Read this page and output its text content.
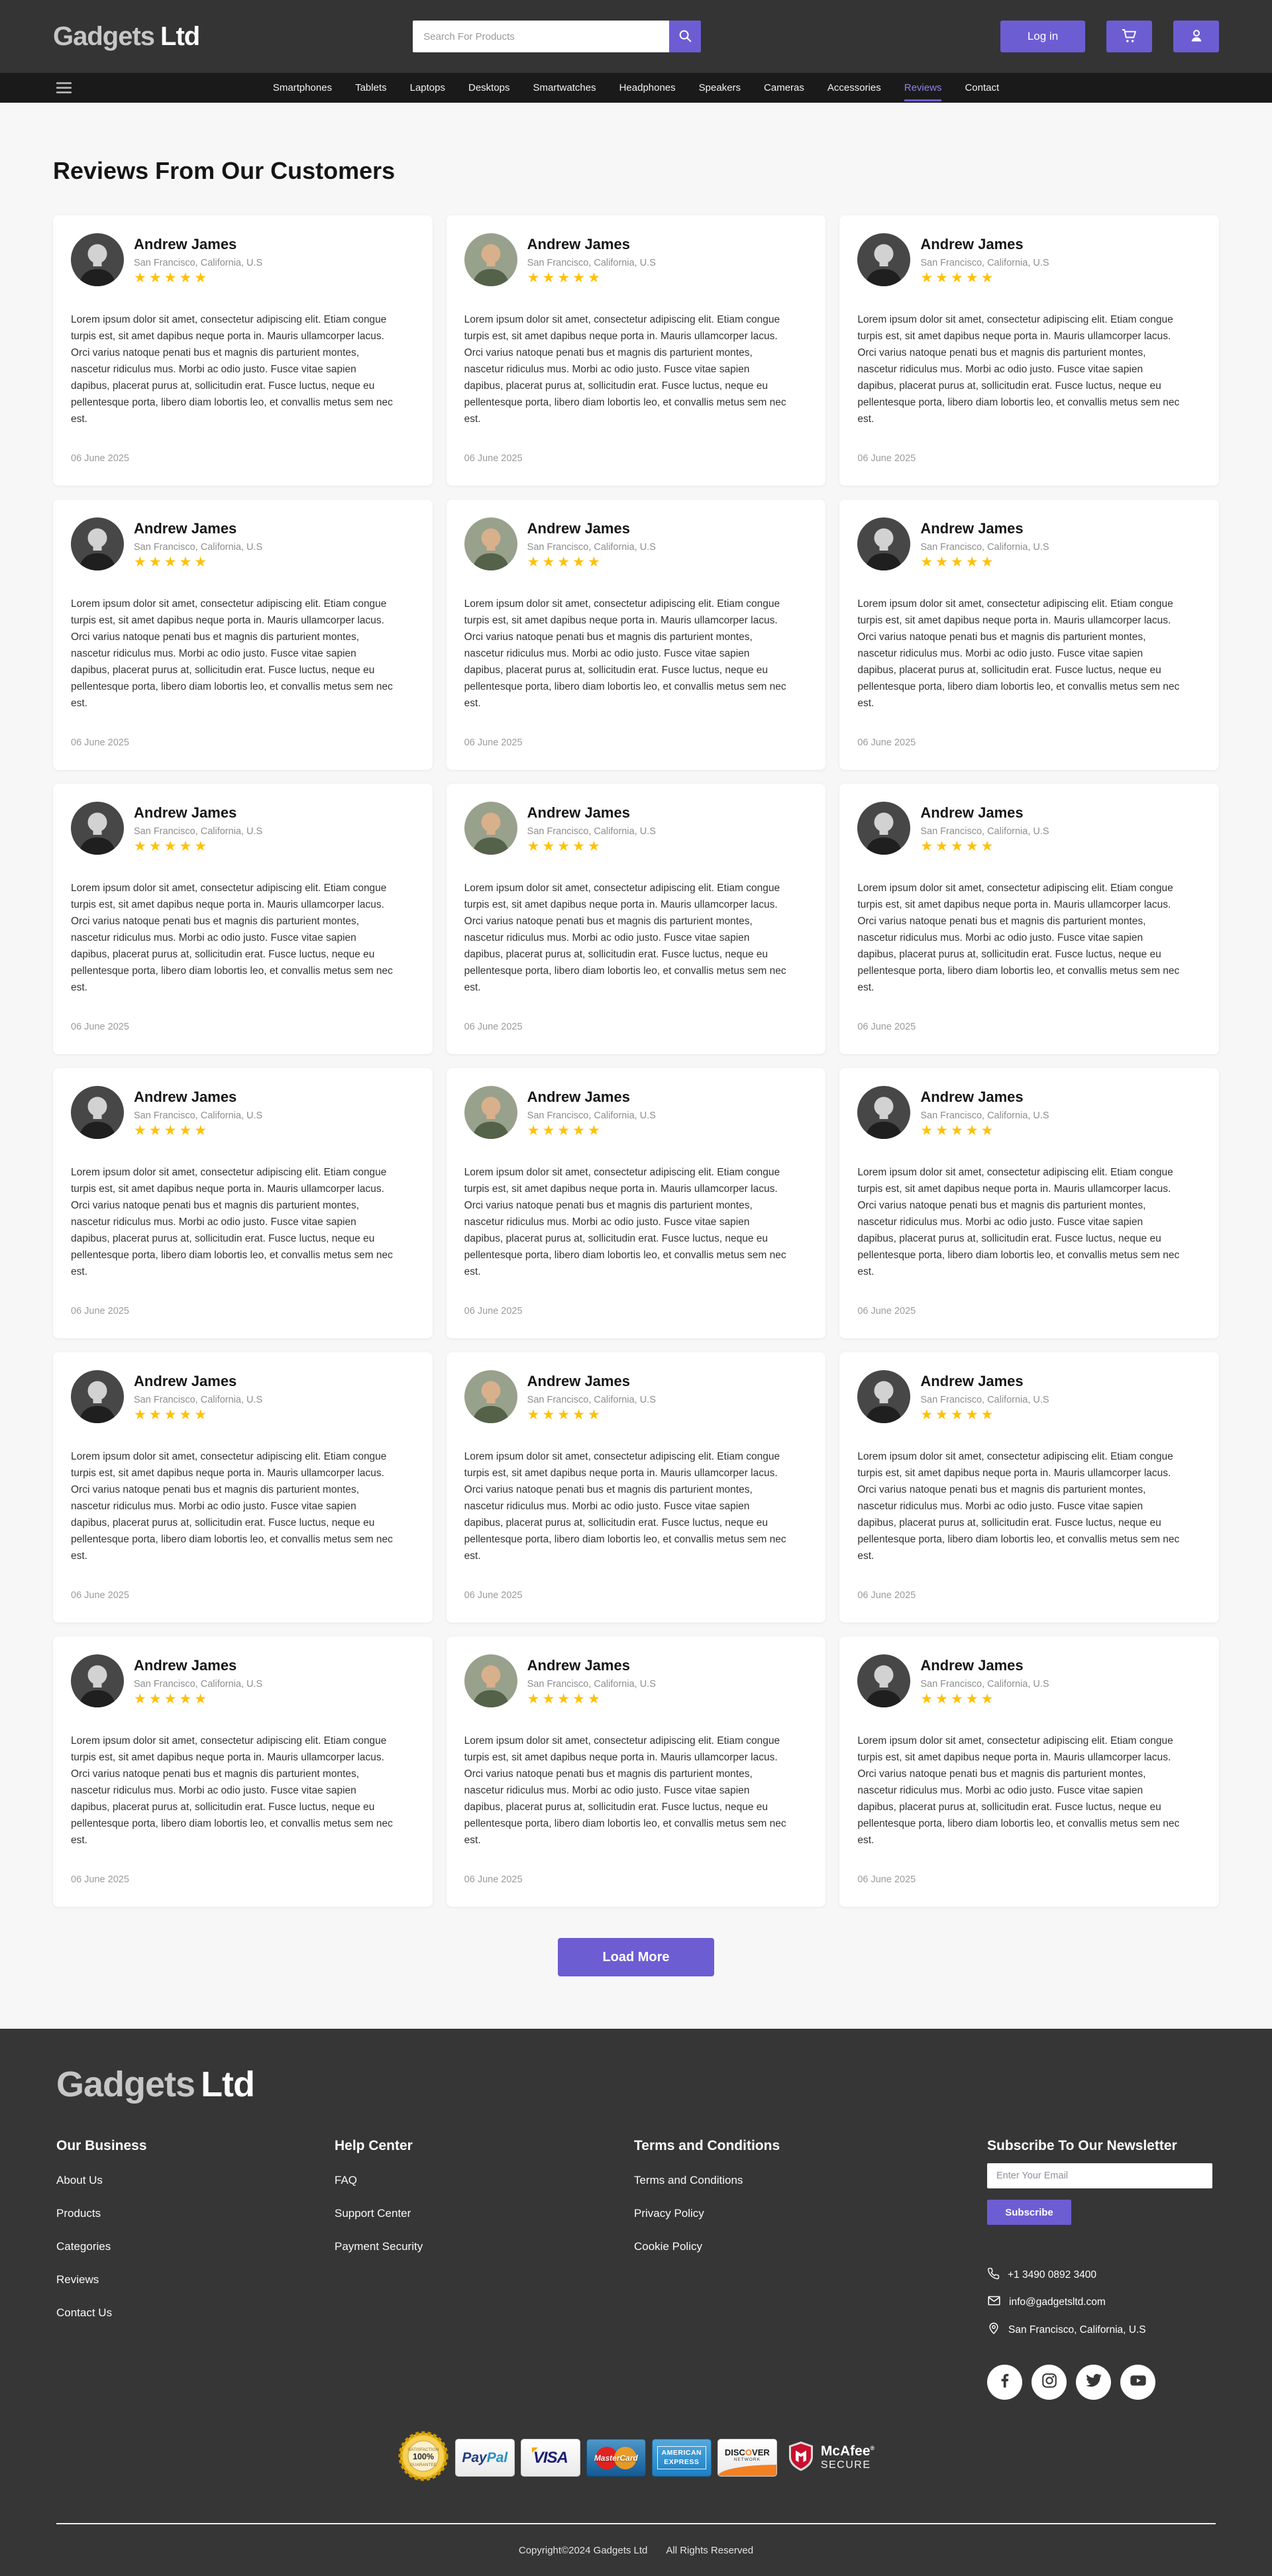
Gadgets Ltd
Search For Products	Log in
Smartphones Tablets Laptops Desktops Smartwatches Headphones Speakers Cameras Accessories Reviews Contact
Reviews From Our Customers
Andrew James
San Francisco, California, U.S
★★★★★

Lorem ipsum dolor sit amet, consectetur adipiscing elit. Etiam congue turpis est, sit amet dapibus neque porta in. Mauris ullamcorper lacus. Orci varius natoque penati bus et magnis dis parturient montes, nascetur ridiculus mus. Morbi ac odio justo. Fusce vitae sapien dapibus, placerat purus at, sollicitudin erat. Fusce luctus, neque eu pellentesque porta, libero diam lobortis leo, et convallis metus sem nec est.

06 June 2025
Andrew James
San Francisco, California, U.S
★★★★★

Lorem ipsum dolor sit amet, consectetur adipiscing elit. Etiam congue turpis est, sit amet dapibus neque porta in. Mauris ullamcorper lacus. Orci varius natoque penati bus et magnis dis parturient montes, nascetur ridiculus mus. Morbi ac odio justo. Fusce vitae sapien dapibus, placerat purus at, sollicitudin erat. Fusce luctus, neque eu pellentesque porta, libero diam lobortis leo, et convallis metus sem nec est.

06 June 2025
Andrew James
San Francisco, California, U.S
★★★★★

Lorem ipsum dolor sit amet, consectetur adipiscing elit. Etiam congue turpis est, sit amet dapibus neque porta in. Mauris ullamcorper lacus. Orci varius natoque penati bus et magnis dis parturient montes, nascetur ridiculus mus. Morbi ac odio justo. Fusce vitae sapien dapibus, placerat purus at, sollicitudin erat. Fusce luctus, neque eu pellentesque porta, libero diam lobortis leo, et convallis metus sem nec est.

06 June 2025
Andrew James
San Francisco, California, U.S
★★★★★

Lorem ipsum dolor sit amet, consectetur adipiscing elit. Etiam congue turpis est, sit amet dapibus neque porta in. Mauris ullamcorper lacus. Orci varius natoque penati bus et magnis dis parturient montes, nascetur ridiculus mus. Morbi ac odio justo. Fusce vitae sapien dapibus, placerat purus at, sollicitudin erat. Fusce luctus, neque eu pellentesque porta, libero diam lobortis leo, et convallis metus sem nec est.

06 June 2025
Andrew James
San Francisco, California, U.S
★★★★★

Lorem ipsum dolor sit amet, consectetur adipiscing elit. Etiam congue turpis est, sit amet dapibus neque porta in. Mauris ullamcorper lacus. Orci varius natoque penati bus et magnis dis parturient montes, nascetur ridiculus mus. Morbi ac odio justo. Fusce vitae sapien dapibus, placerat purus at, sollicitudin erat. Fusce luctus, neque eu pellentesque porta, libero diam lobortis leo, et convallis metus sem nec est.

06 June 2025
Andrew James
San Francisco, California, U.S
★★★★★

Lorem ipsum dolor sit amet, consectetur adipiscing elit. Etiam congue turpis est, sit amet dapibus neque porta in. Mauris ullamcorper lacus. Orci varius natoque penati bus et magnis dis parturient montes, nascetur ridiculus mus. Morbi ac odio justo. Fusce vitae sapien dapibus, placerat purus at, sollicitudin erat. Fusce luctus, neque eu pellentesque porta, libero diam lobortis leo, et convallis metus sem nec est.

06 June 2025
Andrew James
San Francisco, California, U.S
★★★★★

Lorem ipsum dolor sit amet, consectetur adipiscing elit. Etiam congue turpis est, sit amet dapibus neque porta in. Mauris ullamcorper lacus. Orci varius natoque penati bus et magnis dis parturient montes, nascetur ridiculus mus. Morbi ac odio justo. Fusce vitae sapien dapibus, placerat purus at, sollicitudin erat. Fusce luctus, neque eu pellentesque porta, libero diam lobortis leo, et convallis metus sem nec est.

06 June 2025
Andrew James
San Francisco, California, U.S
★★★★★

Lorem ipsum dolor sit amet, consectetur adipiscing elit. Etiam congue turpis est, sit amet dapibus neque porta in. Mauris ullamcorper lacus. Orci varius natoque penati bus et magnis dis parturient montes, nascetur ridiculus mus. Morbi ac odio justo. Fusce vitae sapien dapibus, placerat purus at, sollicitudin erat. Fusce luctus, neque eu pellentesque porta, libero diam lobortis leo, et convallis metus sem nec est.

06 June 2025
Andrew James
San Francisco, California, U.S
★★★★★

Lorem ipsum dolor sit amet, consectetur adipiscing elit. Etiam congue turpis est, sit amet dapibus neque porta in. Mauris ullamcorper lacus. Orci varius natoque penati bus et magnis dis parturient montes, nascetur ridiculus mus. Morbi ac odio justo. Fusce vitae sapien dapibus, placerat purus at, sollicitudin erat. Fusce luctus, neque eu pellentesque porta, libero diam lobortis leo, et convallis metus sem nec est.

06 June 2025
Andrew James
San Francisco, California, U.S
★★★★★

Lorem ipsum dolor sit amet, consectetur adipiscing elit. Etiam congue turpis est, sit amet dapibus neque porta in. Mauris ullamcorper lacus. Orci varius natoque penati bus et magnis dis parturient montes, nascetur ridiculus mus. Morbi ac odio justo. Fusce vitae sapien dapibus, placerat purus at, sollicitudin erat. Fusce luctus, neque eu pellentesque porta, libero diam lobortis leo, et convallis metus sem nec est.

06 June 2025
Andrew James
San Francisco, California, U.S
★★★★★

Lorem ipsum dolor sit amet, consectetur adipiscing elit. Etiam congue turpis est, sit amet dapibus neque porta in. Mauris ullamcorper lacus. Orci varius natoque penati bus et magnis dis parturient montes, nascetur ridiculus mus. Morbi ac odio justo. Fusce vitae sapien dapibus, placerat purus at, sollicitudin erat. Fusce luctus, neque eu pellentesque porta, libero diam lobortis leo, et convallis metus sem nec est.

06 June 2025
Andrew James
San Francisco, California, U.S
★★★★★

Lorem ipsum dolor sit amet, consectetur adipiscing elit. Etiam congue turpis est, sit amet dapibus neque porta in. Mauris ullamcorper lacus. Orci varius natoque penati bus et magnis dis parturient montes, nascetur ridiculus mus. Morbi ac odio justo. Fusce vitae sapien dapibus, placerat purus at, sollicitudin erat. Fusce luctus, neque eu pellentesque porta, libero diam lobortis leo, et convallis metus sem nec est.

06 June 2025
Andrew James
San Francisco, California, U.S
★★★★★

Lorem ipsum dolor sit amet, consectetur adipiscing elit. Etiam congue turpis est, sit amet dapibus neque porta in. Mauris ullamcorper lacus. Orci varius natoque penati bus et magnis dis parturient montes, nascetur ridiculus mus. Morbi ac odio justo. Fusce vitae sapien dapibus, placerat purus at, sollicitudin erat. Fusce luctus, neque eu pellentesque porta, libero diam lobortis leo, et convallis metus sem nec est.

06 June 2025
Andrew James
San Francisco, California, U.S
★★★★★

Lorem ipsum dolor sit amet, consectetur adipiscing elit. Etiam congue turpis est, sit amet dapibus neque porta in. Mauris ullamcorper lacus. Orci varius natoque penati bus et magnis dis parturient montes, nascetur ridiculus mus. Morbi ac odio justo. Fusce vitae sapien dapibus, placerat purus at, sollicitudin erat. Fusce luctus, neque eu pellentesque porta, libero diam lobortis leo, et convallis metus sem nec est.

06 June 2025
Andrew James
San Francisco, California, U.S
★★★★★

Lorem ipsum dolor sit amet, consectetur adipiscing elit. Etiam congue turpis est, sit amet dapibus neque porta in. Mauris ullamcorper lacus. Orci varius natoque penati bus et magnis dis parturient montes, nascetur ridiculus mus. Morbi ac odio justo. Fusce vitae sapien dapibus, placerat purus at, sollicitudin erat. Fusce luctus, neque eu pellentesque porta, libero diam lobortis leo, et convallis metus sem nec est.

06 June 2025
Andrew James
San Francisco, California, U.S
★★★★★

Lorem ipsum dolor sit amet, consectetur adipiscing elit. Etiam congue turpis est, sit amet dapibus neque porta in. Mauris ullamcorper lacus. Orci varius natoque penati bus et magnis dis parturient montes, nascetur ridiculus mus. Morbi ac odio justo. Fusce vitae sapien dapibus, placerat purus at, sollicitudin erat. Fusce luctus, neque eu pellentesque porta, libero diam lobortis leo, et convallis metus sem nec est.

06 June 2025
Andrew James
San Francisco, California, U.S
★★★★★

Lorem ipsum dolor sit amet, consectetur adipiscing elit. Etiam congue turpis est, sit amet dapibus neque porta in. Mauris ullamcorper lacus. Orci varius natoque penati bus et magnis dis parturient montes, nascetur ridiculus mus. Morbi ac odio justo. Fusce vitae sapien dapibus, placerat purus at, sollicitudin erat. Fusce luctus, neque eu pellentesque porta, libero diam lobortis leo, et convallis metus sem nec est.

06 June 2025
Andrew James
San Francisco, California, U.S
★★★★★

Lorem ipsum dolor sit amet, consectetur adipiscing elit. Etiam congue turpis est, sit amet dapibus neque porta in. Mauris ullamcorper lacus. Orci varius natoque penati bus et magnis dis parturient montes, nascetur ridiculus mus. Morbi ac odio justo. Fusce vitae sapien dapibus, placerat purus at, sollicitudin erat. Fusce luctus, neque eu pellentesque porta, libero diam lobortis leo, et convallis metus sem nec est.

06 June 2025
Load More
Gadgets Ltd
Our Business
About Us
Products
Categories
Reviews
Contact Us
Help Center
FAQ
Support Center
Payment Security
Terms and Conditions
Terms and Conditions
Privacy Policy
Cookie Policy
Subscribe To Our Newsletter
Enter Your Email Subscribe
+1 3490 0892 3400
info@gadgetsltd.com
San Francisco, California, U.S
SATISFACTION
100%
GUARANTEE PayPal VISA	MasterCard
AMERICAN
EXPRESS
DISCOVER
NETWORK
McAfee®
SECURE
Copyright©2024 Gadgets Ltd All Rights Reserved
